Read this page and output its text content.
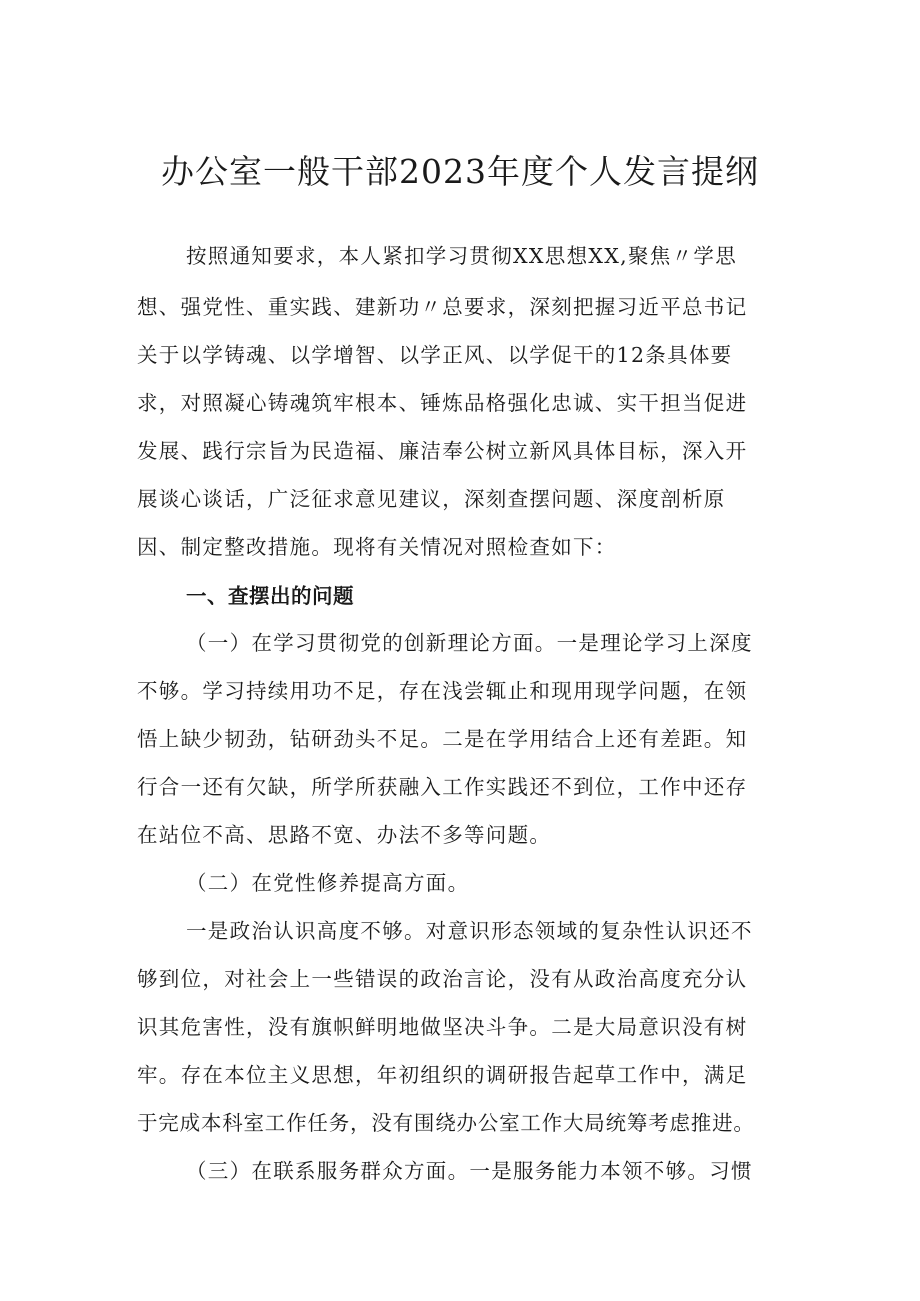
办公室一般干部2023年度个人发言提纲
按照通知要求，本人紧扣学习贯彻XX思想XX,聚焦〃学思
想、强党性、重实践、建新功〃总要求，深刻把握习近平总书记
关于以学铸魂、以学增智、以学正风、以学促干的12条具体要
求，对照凝心铸魂筑牢根本、锤炼品格强化忠诚、实干担当促进
发展、践行宗旨为民造福、廉洁奉公树立新风具体目标，深入开
展谈心谈话，广泛征求意见建议，深刻查摆问题、深度剖析原
因、制定整改措施。现将有关情况对照检查如下：
一、查摆出的问题
（一）在学习贯彻党的创新理论方面。一是理论学习上深度
不够。学习持续用功不足，存在浅尝辄止和现用现学问题，在领
悟上缺少韧劲，钻研劲头不足。二是在学用结合上还有差距。知
行合一还有欠缺，所学所获融入工作实践还不到位，工作中还存
在站位不高、思路不宽、办法不多等问题。
（二）在党性修养提高方面。
一是政治认识高度不够。对意识形态领域的复杂性认识还不
够到位，对社会上一些错误的政治言论，没有从政治高度充分认
识其危害性，没有旗帜鲜明地做坚决斗争。二是大局意识没有树
牢。存在本位主义思想，年初组织的调研报告起草工作中，满足
于完成本科室工作任务，没有围绕办公室工作大局统筹考虑推进。
（三）在联系服务群众方面。一是服务能力本领不够。习惯
